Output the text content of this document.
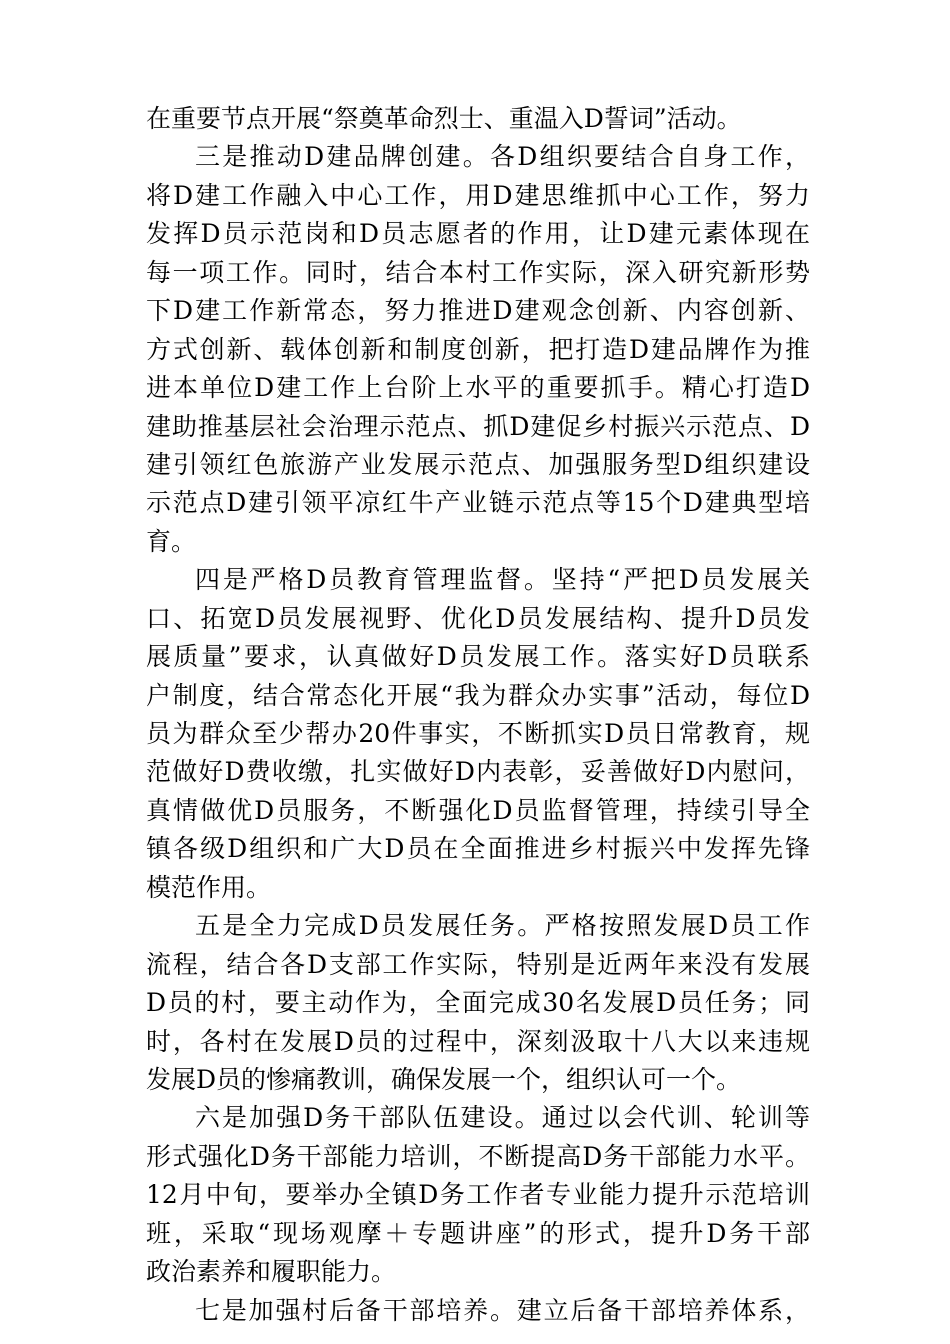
在重要节点开展“祭奠革命烈士、重温入D誓词”活动。
三是推动D建品牌创建。各D组织要结合自身工作，
将D建工作融入中心工作，用D建思维抓中心工作，努力
发挥D员示范岗和D员志愿者的作用，让D建元素体现在
每一项工作。同时，结合本村工作实际，深入研究新形势
下D建工作新常态，努力推进D建观念创新、内容创新、
方式创新、载体创新和制度创新，把打造D建品牌作为推
进本单位D建工作上台阶上水平的重要抓手。精心打造D
建助推基层社会治理示范点、抓D建促乡村振兴示范点、D
建引领红色旅游产业发展示范点、加强服务型D组织建设
示范点D建引领平凉红牛产业链示范点等15个D建典型培
育。
四是严格D员教育管理监督。坚持“严把D员发展关
口、拓宽D员发展视野、优化D员发展结构、提升D员发
展质量”要求，认真做好D员发展工作。落实好D员联系
户制度，结合常态化开展“我为群众办实事”活动，每位D
员为群众至少帮办20件事实，不断抓实D员日常教育，规
范做好D费收缴，扎实做好D内表彰，妥善做好D内慰问，
真情做优D员服务，不断强化D员监督管理，持续引导全
镇各级D组织和广大D员在全面推进乡村振兴中发挥先锋
模范作用。
五是全力完成D员发展任务。严格按照发展D员工作
流程，结合各D支部工作实际，特别是近两年来没有发展
D员的村，要主动作为，全面完成30名发展D员任务；同
时，各村在发展D员的过程中，深刻汲取十八大以来违规
发展D员的惨痛教训，确保发展一个，组织认可一个。
六是加强D务干部队伍建设。通过以会代训、轮训等
形式强化D务干部能力培训，不断提高D务干部能力水平。
12月中旬，要举办全镇D务工作者专业能力提升示范培训
班，采取“现场观摩＋专题讲座”的形式，提升D务干部
政治素养和履职能力。
七是加强村后备干部培养。建立后备干部培养体系，
